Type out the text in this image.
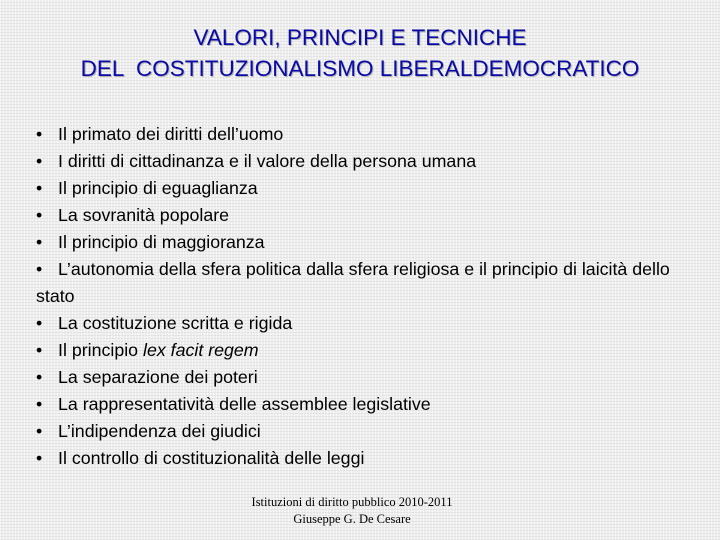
VALORI, PRINCIPI E TECNICHE
DEL  COSTITUZIONALISMO LIBERALDEMOCRATICO
• Il primato dei diritti dell’uomo
• I diritti di cittadinanza e il valore della persona umana
• Il principio di eguaglianza
• La sovranità popolare
• Il principio di maggioranza
• L’autonomia della sfera politica dalla sfera religiosa e il principio di laicità dello stato
• La costituzione scritta e rigida
• Il principio lex facit regem
• La separazione dei poteri
• La rappresentatività delle assemblee legislative
• L’indipendenza dei giudici
• Il controllo di costituzionalità delle leggi
Istituzioni di diritto pubblico 2010-2011
Giuseppe G. De Cesare
